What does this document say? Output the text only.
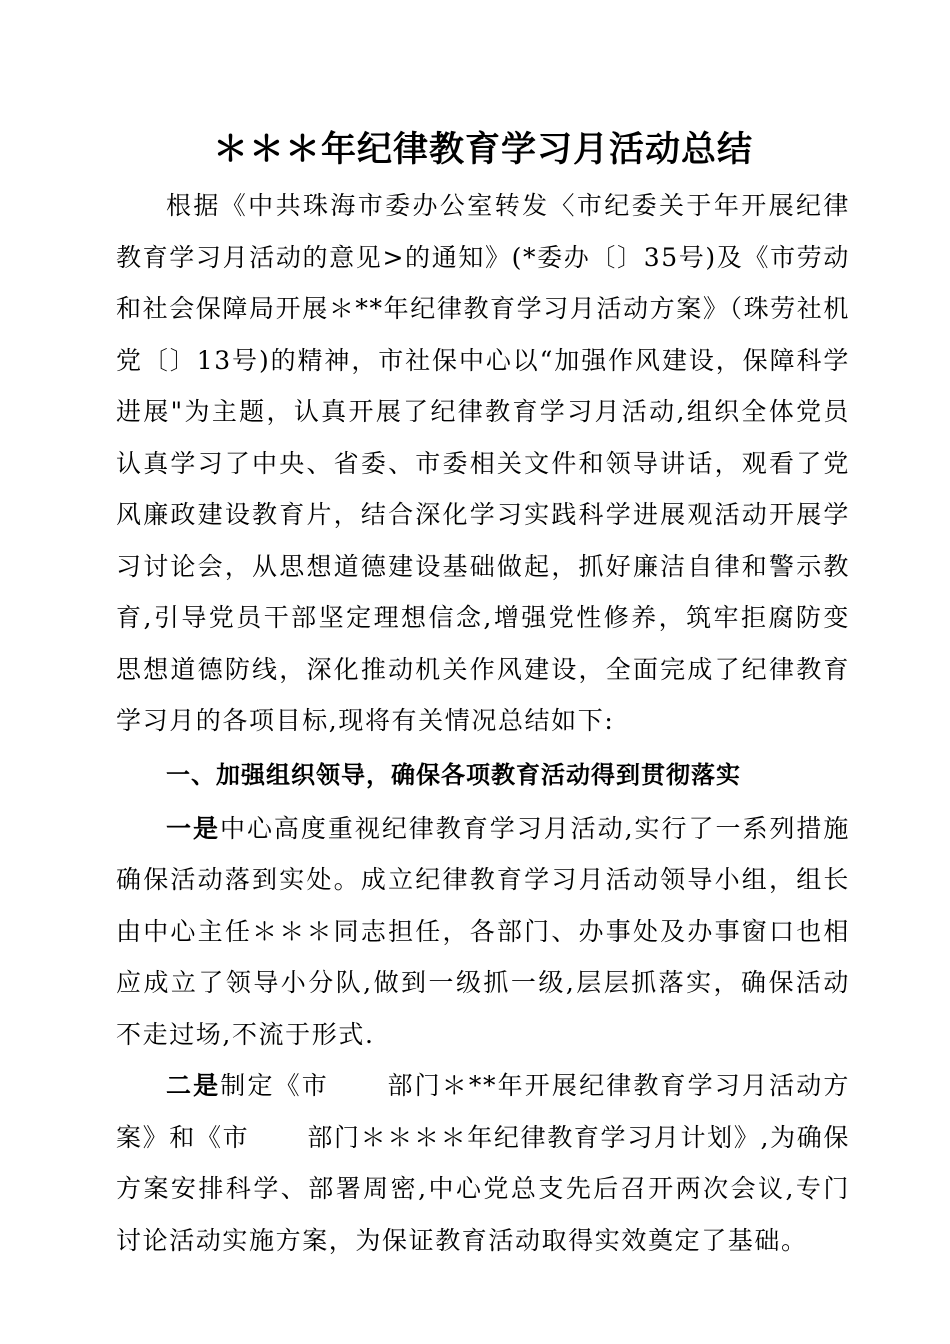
＊＊＊年纪律教育学习月活动总结

根据《中共珠海市委办公室转发〈市纪委关于年开展纪律教育学习月活动的意见>的通知》(*委办〔〕35号)及《市劳动和社会保障局开展＊**年纪律教育学习月活动方案》（珠劳社机党〔〕13号)的精神，市社保中心以“加强作风建设，保障科学进展"为主题，认真开展了纪律教育学习月活动,组织全体党员认真学习了中央、省委、市委相关文件和领导讲话，观看了党风廉政建设教育片，结合深化学习实践科学进展观活动开展学习讨论会，从思想道德建设基础做起，抓好廉洁自律和警示教育,引导党员干部坚定理想信念,增强党性修养，筑牢拒腐防变思想道德防线，深化推动机关作风建设，全面完成了纪律教育学习月的各项目标,现将有关情况总结如下:

一、加强组织领导，确保各项教育活动得到贯彻落实

一是中心高度重视纪律教育学习月活动,实行了一系列措施确保活动落到实处。成立纪律教育学习月活动领导小组，组长由中心主任＊＊＊同志担任，各部门、办事处及办事窗口也相应成立了领导小分队,做到一级抓一级,层层抓落实，确保活动不走过场,不流于形式.

二是制定《市 部门＊**年开展纪律教育学习月活动方案》和《市 部门＊＊＊＊年纪律教育学习月计划》,为确保方案安排科学、部署周密,中心党总支先后召开两次会议,专门讨论活动实施方案，为保证教育活动取得实效奠定了基础。
